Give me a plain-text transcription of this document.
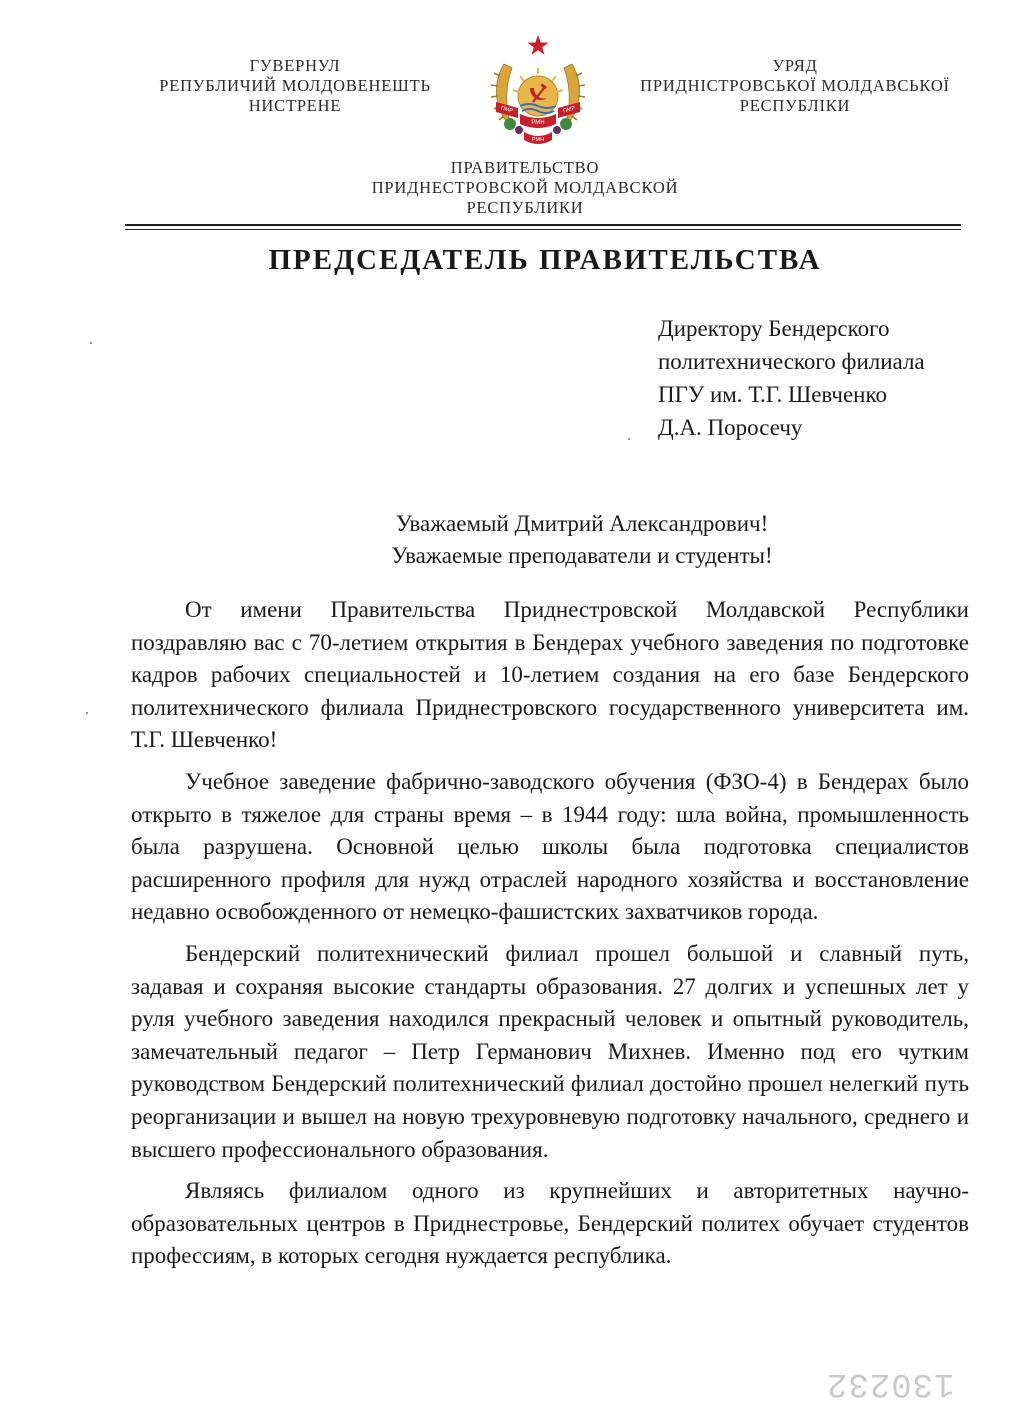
ГУВЕРНУЛ
РЕПУБЛИЧИЙ МОЛДОВЕНЕШТЬ
НИСТРЕНЕ	ПМР	ПМР
РМН
РМН
УРЯД
ПРИДНІСТРОВСЬКОЇ МОЛДАВСЬКОЇ
РЕСПУБЛІКИ
ПРАВИТЕЛЬСТВО
ПРИДНЕСТРОВСКОЙ МОЛДАВСКОЙ
РЕСПУБЛИКИ
ПРЕДСЕДАТЕЛЬ ПРАВИТЕЛЬСТВА
Директору Бендерского
политехнического филиала
ПГУ им. Т.Г. Шевченко
Д.А. Поросечу
Уважаемый Дмитрий Александрович!
Уважаемые преподаватели и студенты!

От имени Правительства Приднестровской Молдавской Республики поздравляю вас с 70-летием открытия в Бендерах учебного заведения по подготовке кадров рабочих специальностей и 10-летием создания на его базе Бендерского политехнического филиала Приднестровского государственного университета им. Т.Г. Шевченко!

Учебное заведение фабрично-заводского обучения (ФЗО-4) в Бендерах было открыто в тяжелое для страны время – в 1944 году: шла война, промышленность была разрушена. Основной целью школы была подготовка специалистов расширенного профиля для нужд отраслей народного хозяйства и восстановление недавно освобожденного от немецко-фашистских захватчиков города.

Бендерский политехнический филиал прошел большой и славный путь, задавая и сохраняя высокие стандарты образования. 27 долгих и успешных лет у руля учебного заведения находился прекрасный человек и опытный руководитель, замечательный педагог – Петр Германович Михнев. Именно под его чутким руководством Бендерский политехнический филиал достойно прошел нелегкий путь реорганизации и вышел на новую трехуровневую подготовку начального, среднего и высшего профессионального образования.

Являясь филиалом одного из крупнейших и авторитетных научно-образовательных центров в Приднестровье, Бендерский политех обучает студентов профессиям, в которых сегодня нуждается республика.

130232
